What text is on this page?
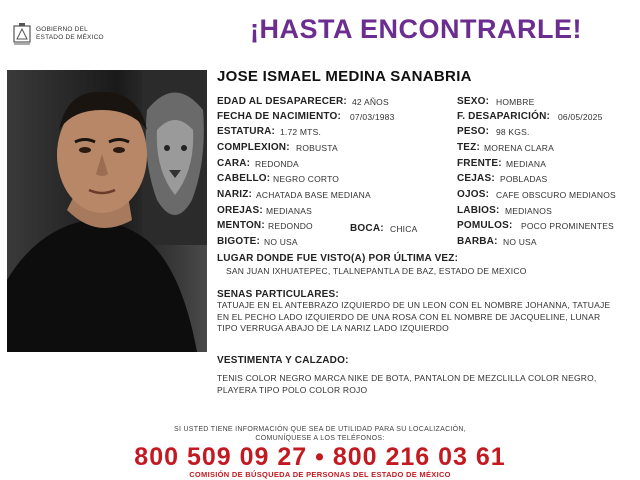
GOBIERNO DEL
ESTADO DE MÉXICO	¡HASTA ENCONTRARLE!
JOSE ISMAEL MEDINA SANABRIA
EDAD AL DESAPARECER: 42 AÑOS
FECHA DE NACIMIENTO: 07/03/1983
ESTATURA: 1.72 MTS.
COMPLEXION: ROBUSTA
CARA: REDONDA
CABELLO: NEGRO CORTO
NARIZ: ACHATADA BASE MEDIANA
OREJAS: MEDIANAS
MENTON: REDONDO	BOCA: CHICA
BIGOTE: NO USA
SEXO: HOMBRE
F. DESAPARICIÓN: 06/05/2025
PESO: 98 KGS.
TEZ: MORENA CLARA
FRENTE: MEDIANA
CEJAS: POBLADAS
OJOS: CAFE OBSCURO MEDIANOS
LABIOS: MEDIANOS
POMULOS: POCO PROMINENTES
BARBA: NO USA
LUGAR DONDE FUE VISTO(A) POR ÚLTIMA VEZ:
SAN JUAN IXHUATEPEC, TLALNEPANTLA DE BAZ, ESTADO DE MEXICO
SENAS PARTICULARES:
TATUAJE EN EL ANTEBRAZO IZQUIERDO DE UN LEON CON EL NOMBRE JOHANNA, TATUAJE EN EL PECHO LADO IZQUIERDO DE UNA ROSA CON EL NOMBRE DE JACQUELINE, LUNAR TIPO VERRUGA ABAJO DE LA NARIZ LADO IZQUIERDO
VESTIMENTA Y CALZADO:
TENIS COLOR NEGRO MARCA NIKE DE BOTA, PANTALON DE MEZCLILLA COLOR NEGRO, PLAYERA TIPO POLO COLOR ROJO
SI USTED TIENE INFORMACIÓN QUE SEA DE UTILIDAD PARA SU LOCALIZACIÓN,
COMUNÍQUESE A LOS TELÉFONOS:
800 509 09 27 • 800 216 03 61
COMISIÓN DE BÚSQUEDA DE PERSONAS DEL ESTADO DE MÉXICO
